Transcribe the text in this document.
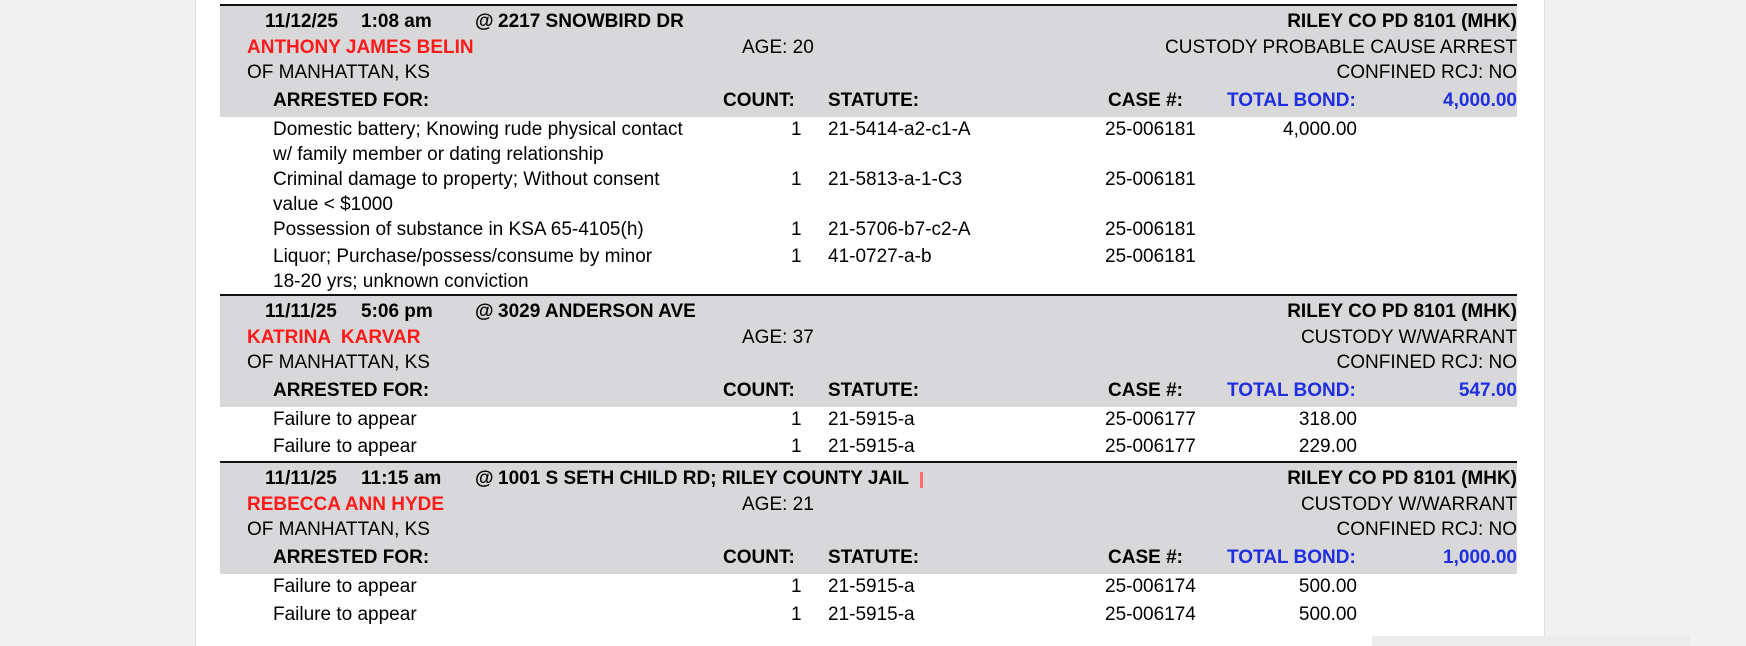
11/12/25 1:08 am @ 2217 SNOWBIRD DR	RILEY CO PD 8101 (MHK)
ANTHONY JAMES BELIN	AGE: 20	CUSTODY PROBABLE CAUSE ARREST
OF MANHATTAN, KS	CONFINED RCJ: NO
ARRESTED FOR:	COUNT: STATUTE:	CASE #: TOTAL BOND:	4,000.00
Domestic battery; Knowing rude physical contact
w/ family member or dating relationship
1 21-5414-a2-c1-A	25-006181	4,000.00
Criminal damage to property; Without consent
value < $1000
1 21-5813-a-1-C3	25-006181
Possession of substance in KSA 65-4105(h)	1 21-5706-b7-c2-A	25-006181
Liquor; Purchase/possess/consume by minor
18-20 yrs; unknown conviction
1 41-0727-a-b	25-006181
11/11/25 5:06 pm @ 3029 ANDERSON AVE	RILEY CO PD 8101 (MHK)
KATRINA  KARVAR	AGE: 37	CUSTODY W/WARRANT
OF MANHATTAN, KS	CONFINED RCJ: NO
ARRESTED FOR:	COUNT: STATUTE:	CASE #: TOTAL BOND:	547.00
Failure to appear	1 21-5915-a	25-006177	318.00
Failure to appear	1 21-5915-a	25-006177	229.00
11/11/25 11:15 am @ 1001 S SETH CHILD RD; RILEY COUNTY JAIL	RILEY CO PD 8101 (MHK)
REBECCA ANN HYDE	AGE: 21	CUSTODY W/WARRANT
OF MANHATTAN, KS	CONFINED RCJ: NO
ARRESTED FOR:	COUNT: STATUTE:	CASE #: TOTAL BOND:	1,000.00
Failure to appear	1 21-5915-a	25-006174	500.00
Failure to appear	1 21-5915-a	25-006174	500.00
